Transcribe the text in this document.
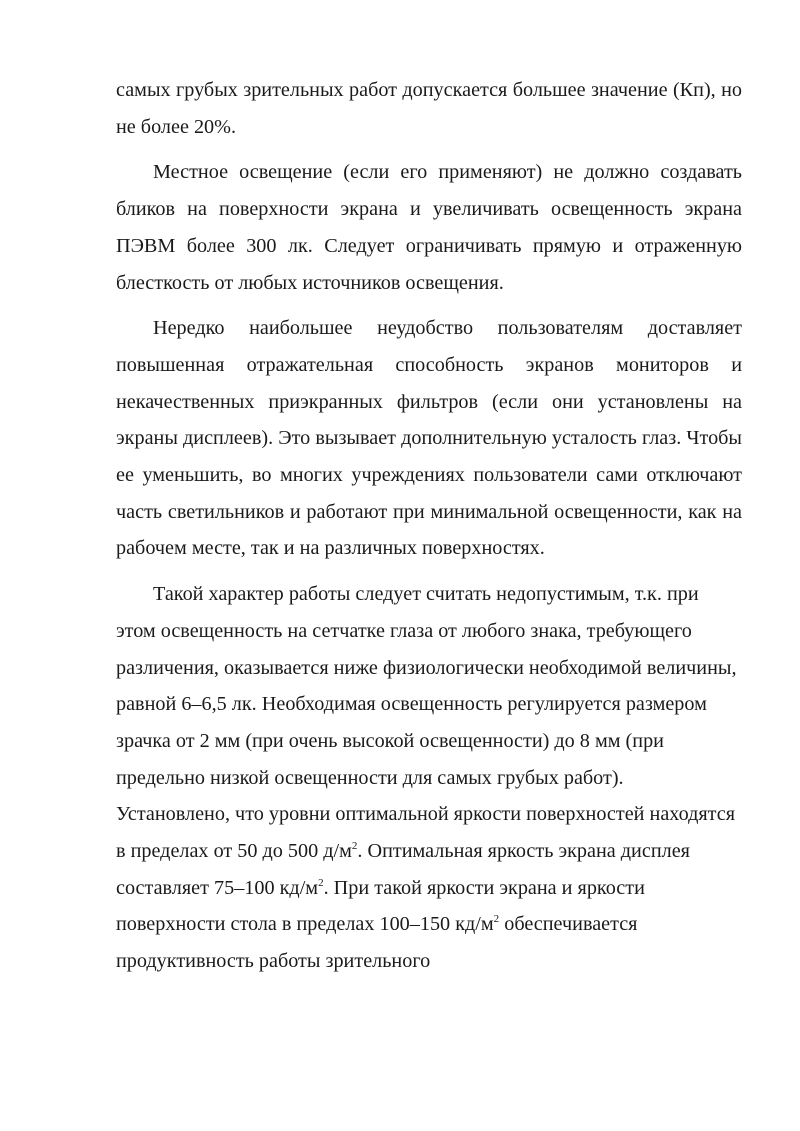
самых грубых зрительных работ допускается большее значение (Кп), но не более 20%.

Местное освещение (если его применяют) не должно создавать бликов на поверхности экрана и увеличивать освещенность экрана ПЭВМ более 300 лк. Следует ограничивать прямую и отраженную блесткость от любых источников освещения.

Нередко наибольшее неудобство пользователям доставляет повышенная отражательная способность экранов мониторов и некачественных приэкранных фильтров (если они установлены на экраны дисплеев). Это вызывает дополнительную усталость глаз. Чтобы ее уменьшить, во многих учреждениях пользователи сами отключают часть светильников и работают при минимальной освещенности, как на рабочем месте, так и на различных поверхностях.

Такой характер работы следует считать недопустимым, т.к. при этом освещенность на сетчатке глаза от любого знака, требующего различения, оказывается ниже физиологически необходимой величины, равной 6–6,5 лк. Необходимая освещенность регулируется размером зрачка от 2 мм (при очень высокой освещенности) до 8 мм (при предельно низкой освещенности для самых грубых работ). Установлено, что уровни оптимальной яркости поверхностей находятся в пределах от 50 до 500 $д/м^2$. Оптимальная яркость экрана дисплея составляет 75–100 $кд/м^2$. При такой яркости экрана и яркости поверхности стола в пределах 100–150 $кд/м^2$ обеспечивается продуктивность работы зрительного
